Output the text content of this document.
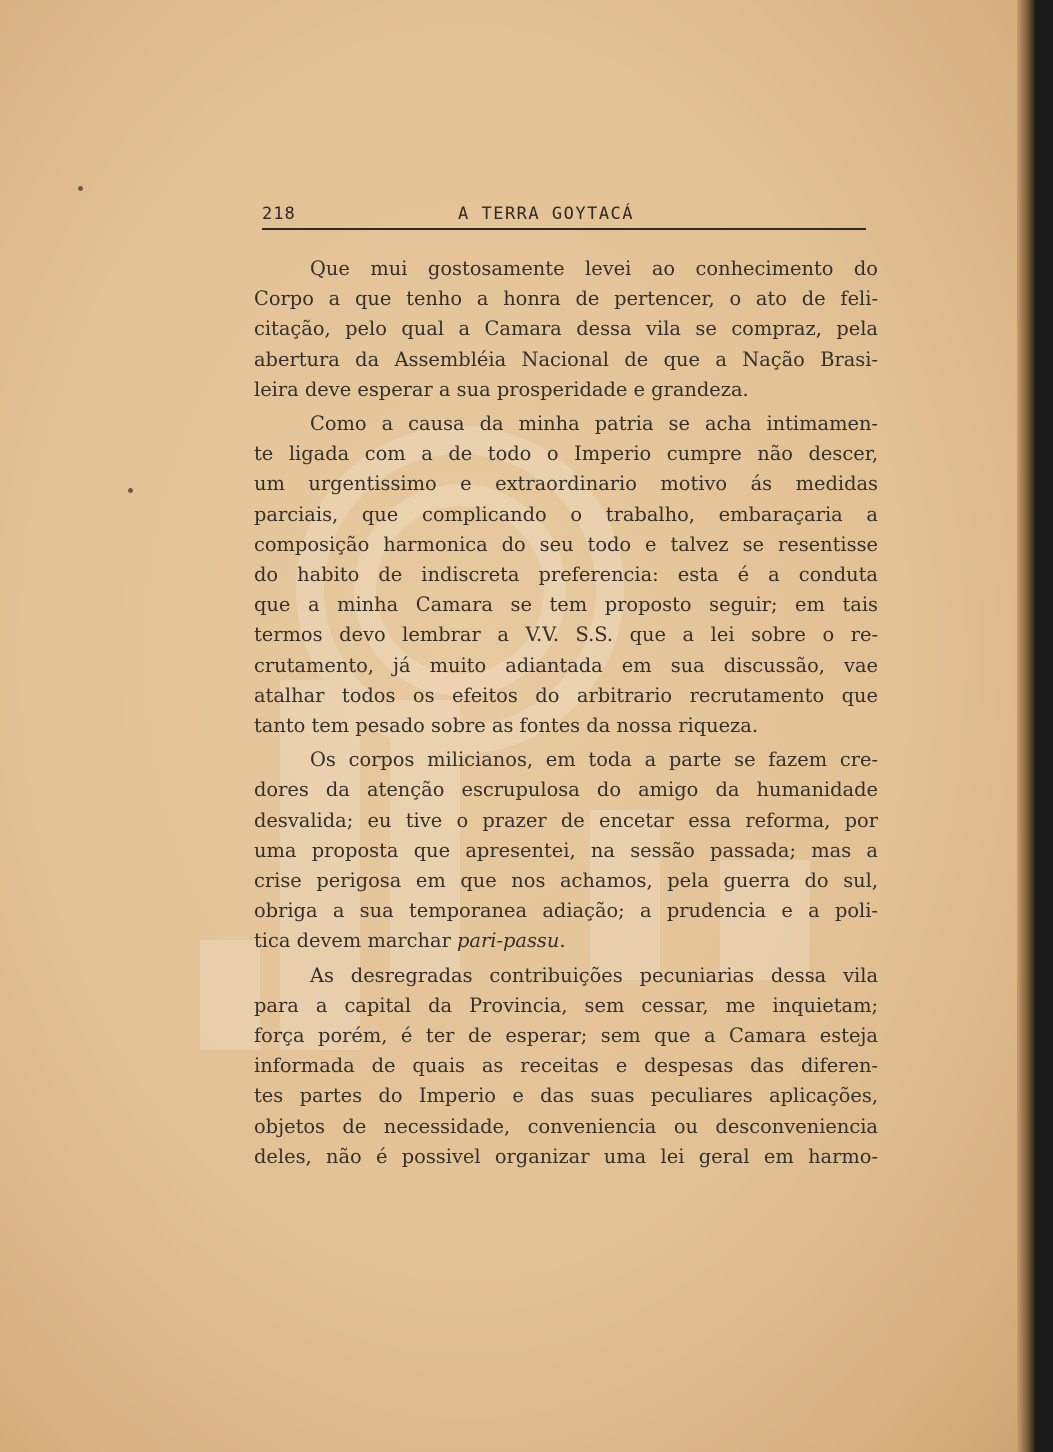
218	A TERRA GOYTACÁ
Que mui gostosamente levei ao conhecimento do
Corpo a que tenho a honra de pertencer, o ato de feli-
citação, pelo qual a Camara dessa vila se compraz, pela
abertura da Assembléia Nacional de que a Nação Brasi-
leira deve esperar a sua prosperidade e grandeza.
Como a causa da minha patria se acha intimamen-
te ligada com a de todo o Imperio cumpre não descer,
um urgentissimo e extraordinario motivo ás medidas
parciais, que complicando o trabalho, embaraçaria a
composição harmonica do seu todo e talvez se resentisse
do habito de indiscreta preferencia: esta é a conduta
que a minha Camara se tem proposto seguir; em tais
termos devo lembrar a V.V. S.S. que a lei sobre o re-
crutamento, já muito adiantada em sua discussão, vae
atalhar todos os efeitos do arbitrario recrutamento que
tanto tem pesado sobre as fontes da nossa riqueza.
Os corpos milicianos, em toda a parte se fazem cre-
dores da atenção escrupulosa do amigo da humanidade
desvalida; eu tive o prazer de encetar essa reforma, por
uma proposta que apresentei, na sessão passada; mas a
crise perigosa em que nos achamos, pela guerra do sul,
obriga a sua temporanea adiação; a prudencia e a poli-
tica devem marchar pari-passu.
As desregradas contribuições pecuniarias dessa vila
para a capital da Provincia, sem cessar, me inquietam;
força porém, é ter de esperar; sem que a Camara esteja
informada de quais as receitas e despesas das diferen-
tes partes do Imperio e das suas peculiares aplicações,
objetos de necessidade, conveniencia ou desconveniencia
deles, não é possivel organizar uma lei geral em harmo-
